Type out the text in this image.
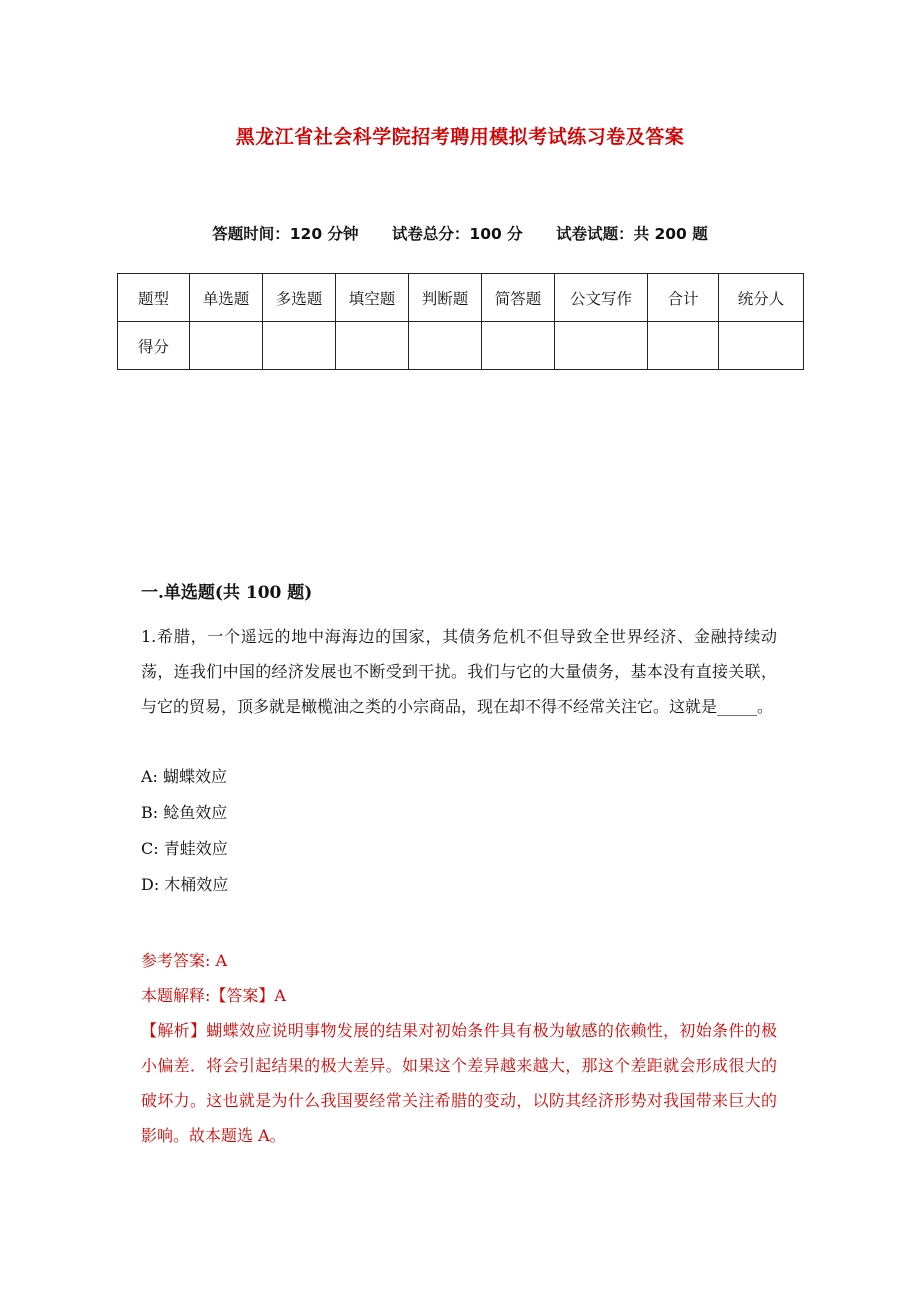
黑龙江省社会科学院招考聘用模拟考试练习卷及答案
答题时间：120 分钟 试卷总分：100 分 试卷试题：共 200 题
题型	单选题	多选题	填空题	判断题	简答题	公文写作	合计	统分人
得分								
一.单选题(共 100 题)
1.希腊，一个遥远的地中海海边的国家，其债务危机不但导致全世界经济、金融持续动荡，连我们中国的经济发展也不断受到干扰。我们与它的大量债务，基本没有直接关联，与它的贸易，顶多就是橄榄油之类的小宗商品，现在却不得不经常关注它。这就是_____。
A: 蝴蝶效应
B: 鲶鱼效应
C: 青蛙效应
D: 木桶效应
参考答案: A
本题解释:【答案】A
【解析】蝴蝶效应说明事物发展的结果对初始条件具有极为敏感的依赖性，初始条件的极小偏差．将会引起结果的极大差异。如果这个差异越来越大，那这个差距就会形成很大的破坏力。这也就是为什么我国要经常关注希腊的变动，以防其经济形势对我国带来巨大的影响。故本题选 A。
